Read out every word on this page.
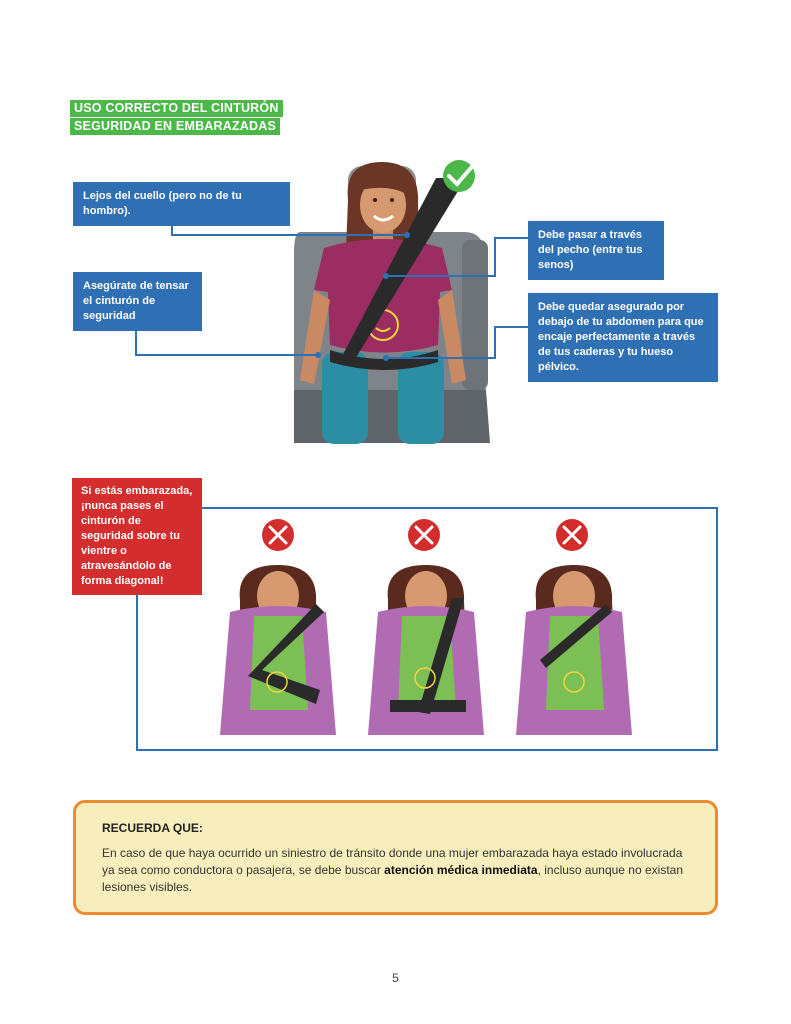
USO CORRECTO DEL CINTURÓN
SEGURIDAD EN EMBARAZADAS
Lejos del cuello (pero no de tu hombro).
Asegúrate de tensar el cinturón de seguridad
Debe pasar a través del pecho (entre tus senos)
Debe quedar asegurado por debajo de tu abdomen para que encaje perfectamente a través de tus caderas y tu hueso pélvico.
Si estás embarazada, ¡nunca pases el cinturón de seguridad sobre tu vientre o atravesándolo de forma diagonal!
RECUERDA QUE:

En caso de que haya ocurrido un siniestro de tránsito donde una mujer embarazada haya estado involucrada ya sea como conductora o pasajera, se debe buscar atención médica inmediata, incluso aunque no existan lesiones visibles.

5
